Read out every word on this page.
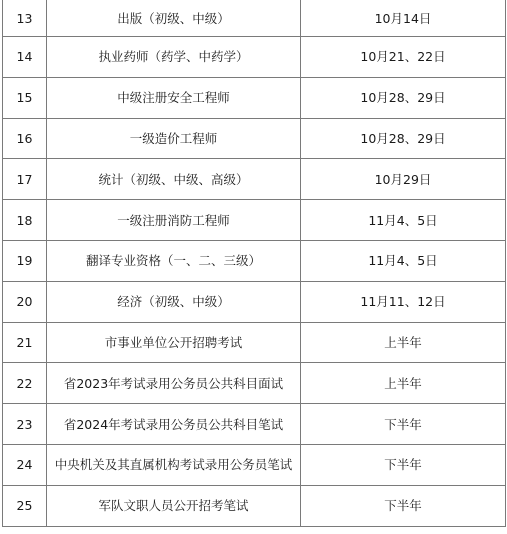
13	出版（初级、中级）	10月14日
14	执业药师（药学、中药学）	10月21、22日
15	中级注册安全工程师	10月28、29日
16	一级造价工程师	10月28、29日
17	统计（初级、中级、高级）	10月29日
18	一级注册消防工程师	11月4、5日
19	翻译专业资格（一、二、三级）	11月4、5日
20	经济（初级、中级）	11月11、12日
21	市事业单位公开招聘考试	上半年
22	省2023年考试录用公务员公共科目面试	上半年
23	省2024年考试录用公务员公共科目笔试	下半年
24	中央机关及其直属机构考试录用公务员笔试	下半年
25	军队文职人员公开招考笔试	下半年
